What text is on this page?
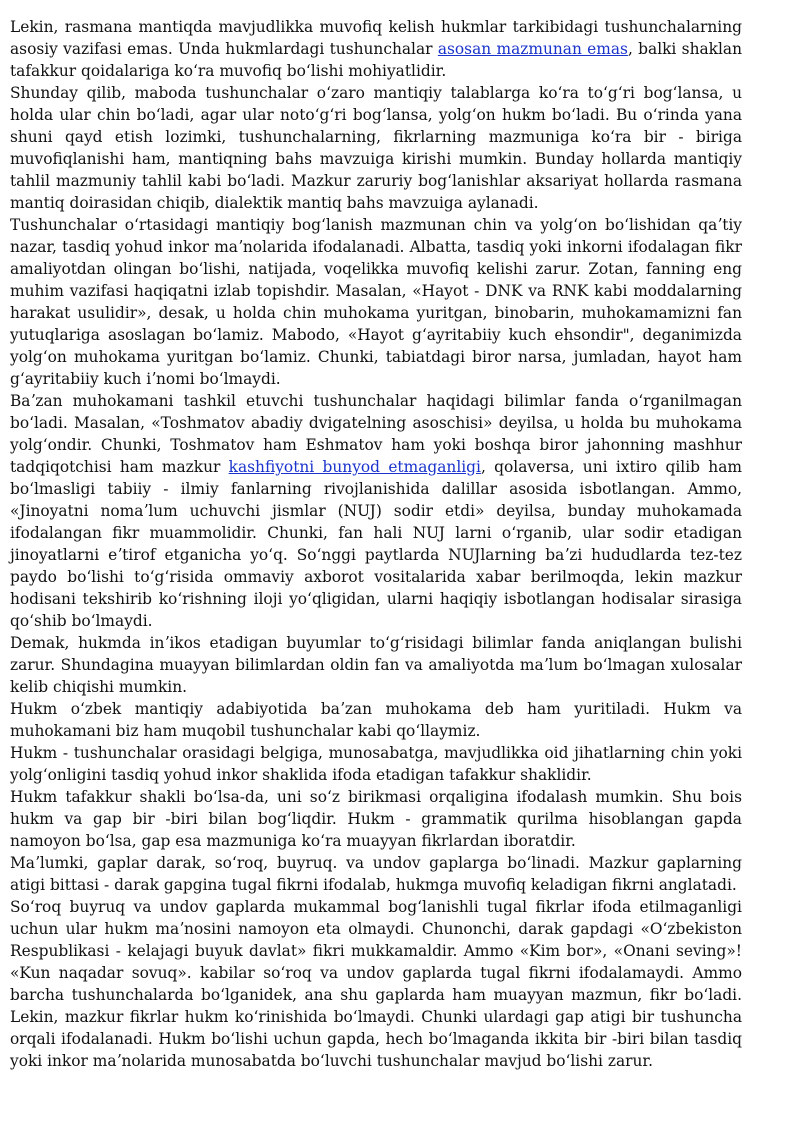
Lekin, rasmana mantiqda mavjudlikka muvofiq kelish hukmlar tarkibidagi tushunchalarning asosiy vazifasi emas. Unda hukmlardagi tushunchalar asosan mazmunan emas, balki shaklan tafakkur qoidalariga koʻra muvofiq boʻlishi mohiyatlidir.

Shunday qilib, maboda tushunchalar oʻzaro mantiqiy talablarga koʻra toʻgʻri bogʻlansa, u holda ular chin boʻladi, agar ular notoʻgʻri bogʻlansa, yolgʻon hukm boʻladi. Bu oʻrinda yana shuni qayd etish lozimki, tushunchalarning, fikrlarning mazmuniga koʻra bir - biriga muvofiqlanishi ham, mantiqning bahs mavzuiga kirishi mumkin. Bunday hollarda mantiqiy tahlil mazmuniy tahlil kabi boʻladi. Mazkur zaruriy bogʻlanishlar aksariyat hollarda rasmana mantiq doirasidan chiqib, dialektik mantiq bahs mavzuiga aylanadi.

Tushunchalar oʻrtasidagi mantiqiy bogʻlanish mazmunan chin va yolgʻon boʻlishidan qaʼtiy nazar, tasdiq yohud inkor maʼnolarida ifodalanadi. Albatta, tasdiq yoki inkorni ifodalagan fikr amaliyotdan olingan boʻlishi, natijada, voqelikka muvofiq kelishi zarur. Zotan, fanning eng muhim vazifasi haqiqatni izlab topishdir. Masalan, «Hayot - DNK va RNK kabi moddalarning harakat usulidir», desak, u holda chin muhokama yuritgan, binobarin, muhokamamizni fan yutuqlariga asoslagan boʻlamiz. Mabodo, «Hayot gʻayritabiiy kuch ehsondir", deganimizda yolgʻon muhokama yuritgan boʻlamiz. Chunki, tabiatdagi biror narsa, jumladan, hayot ham gʻayritabiiy kuch iʼnomi boʻlmaydi.

Baʼzan muhokamani tashkil etuvchi tushunchalar haqidagi bilimlar fanda oʻrganilmagan boʻladi. Masalan, «Toshmatov abadiy dvigatelning asoschisi» deyilsa, u holda bu muhokama yolgʻondir. Chunki, Toshmatov ham Eshmatov ham yoki boshqa biror jahonning mashhur tadqiqotchisi ham mazkur kashfiyotni bunyod etmaganligi, qolaversa, uni ixtiro qilib ham boʻlmasligi tabiiy - ilmiy fanlarning rivojlanishida dalillar asosida isbotlangan. Ammo, «Jinoyatni nomaʼlum uchuvchi jismlar (NUJ) sodir etdi» deyilsa, bunday muhokamada ifodalangan fikr muammolidir. Chunki, fan hali NUJ larni oʻrganib, ular sodir etadigan jinoyatlarni eʼtirof etganicha yoʻq. Soʻnggi paytlarda NUJlarning baʼzi hududlarda tez-tez paydo boʻlishi toʻgʻrisida ommaviy axborot vositalarida xabar berilmoqda, lekin mazkur hodisani tekshirib koʻrishning iloji yoʻqligidan, ularni haqiqiy isbotlangan hodisalar sirasiga qoʻshib boʻlmaydi.

Demak, hukmda inʼikos etadigan buyumlar toʻgʻrisidagi bilimlar fanda aniqlangan bulishi zarur. Shundagina muayyan bilimlardan oldin fan va amaliyotda maʼlum boʻlmagan xulosalar kelib chiqishi mumkin.

Hukm oʻzbek mantiqiy adabiyotida baʼzan muhokama deb ham yuritiladi. Hukm va muhokamani biz ham muqobil tushunchalar kabi qoʻllaymiz.

Hukm - tushunchalar orasidagi belgiga, munosabatga, mavjudlikka oid jihatlarning chin yoki yolgʻonligini tasdiq yohud inkor shaklida ifoda etadigan tafakkur shaklidir.

Hukm tafakkur shakli boʻlsa-da, uni soʻz birikmasi orqaligina ifodalash mumkin. Shu bois hukm va gap bir -biri bilan bogʻliqdir. Hukm - grammatik qurilma hisoblangan gapda namoyon boʻlsa, gap esa mazmuniga koʻra muayyan fikrlardan iboratdir.

Maʼlumki, gaplar darak, soʻroq, buyruq. va undov gaplarga boʻlinadi. Mazkur gaplarning atigi bittasi - darak gapgina tugal fikrni ifodalab, hukmga muvofiq keladigan fikrni anglatadi.

Soʻroq buyruq va undov gaplarda mukammal bogʻlanishli tugal fikrlar ifoda etilmaganligi uchun ular hukm maʼnosini namoyon eta olmaydi. Chunonchi, darak gapdagi «Oʻzbekiston Respublikasi - kelajagi buyuk davlat» fikri mukkamaldir. Ammo «Kim bor», «Onani seving»! «Kun naqadar sovuq». kabilar soʻroq va undov gaplarda tugal fikrni ifodalamaydi. Ammo barcha tushunchalarda boʻlganidek, ana shu gaplarda ham muayyan mazmun, fikr boʻladi. Lekin, mazkur fikrlar hukm koʻrinishida boʻlmaydi. Chunki ulardagi gap atigi bir tushuncha orqali ifodalanadi. Hukm boʻlishi uchun gapda, hech boʻlmaganda ikkita bir -biri bilan tasdiq yoki inkor maʼnolarida munosabatda boʻluvchi tushunchalar mavjud boʻlishi zarur.
